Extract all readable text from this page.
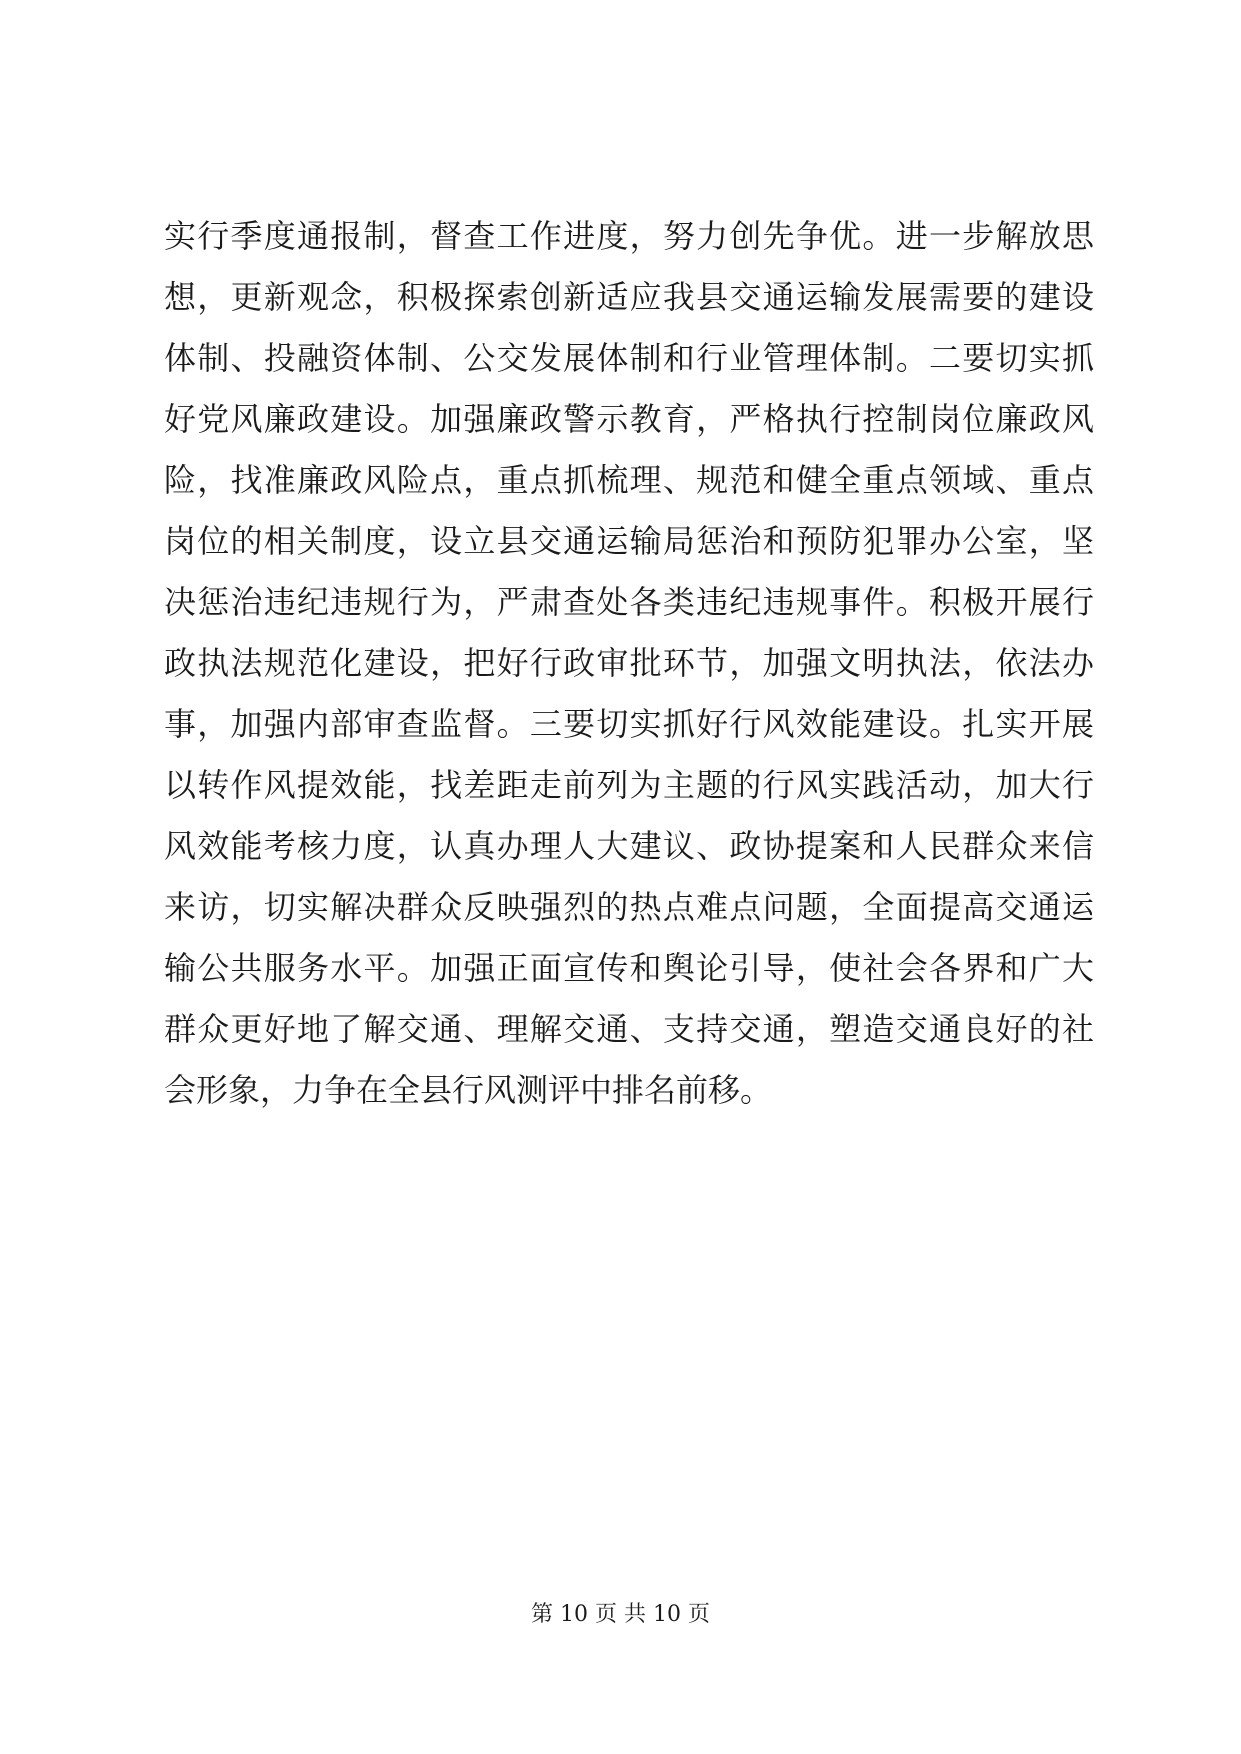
实行季度通报制，督查工作进度，努力创先争优。进一步解放思
想，更新观念，积极探索创新适应我县交通运输发展需要的建设
体制、投融资体制、公交发展体制和行业管理体制。二要切实抓
好党风廉政建设。加强廉政警示教育，严格执行控制岗位廉政风
险，找准廉政风险点，重点抓梳理、规范和健全重点领域、重点
岗位的相关制度，设立县交通运输局惩治和预防犯罪办公室，坚
决惩治违纪违规行为，严肃查处各类违纪违规事件。积极开展行
政执法规范化建设，把好行政审批环节，加强文明执法，依法办
事，加强内部审查监督。三要切实抓好行风效能建设。扎实开展
以转作风提效能，找差距走前列为主题的行风实践活动，加大行
风效能考核力度，认真办理人大建议、政协提案和人民群众来信
来访，切实解决群众反映强烈的热点难点问题，全面提高交通运
输公共服务水平。加强正面宣传和舆论引导，使社会各界和广大
群众更好地了解交通、理解交通、支持交通，塑造交通良好的社
会形象，力争在全县行风测评中排名前移。
第 10 页 共 10 页
